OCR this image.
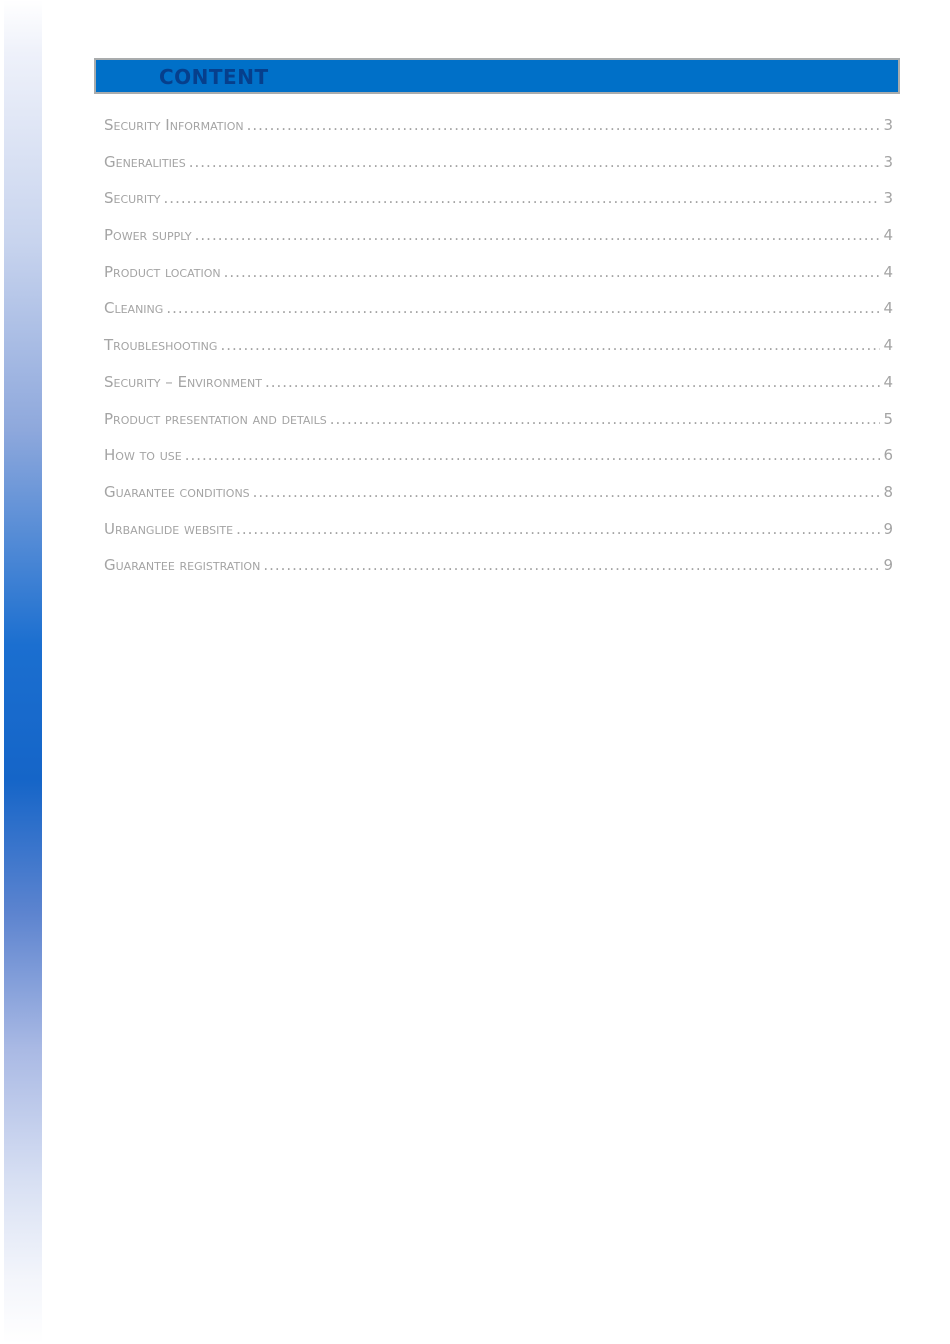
CONTENT
Security Information .....	3
Generalities .....	3
Security .....	3
Power supply .....	4
Product location .....	4
Cleaning .....	4
Troubleshooting .....	4
Security – Environment .....	4
Product presentation and details .....	5
How to use .....	6
Guarantee conditions .....	8
Urbanglide website .....	9
Guarantee registration .....	9
